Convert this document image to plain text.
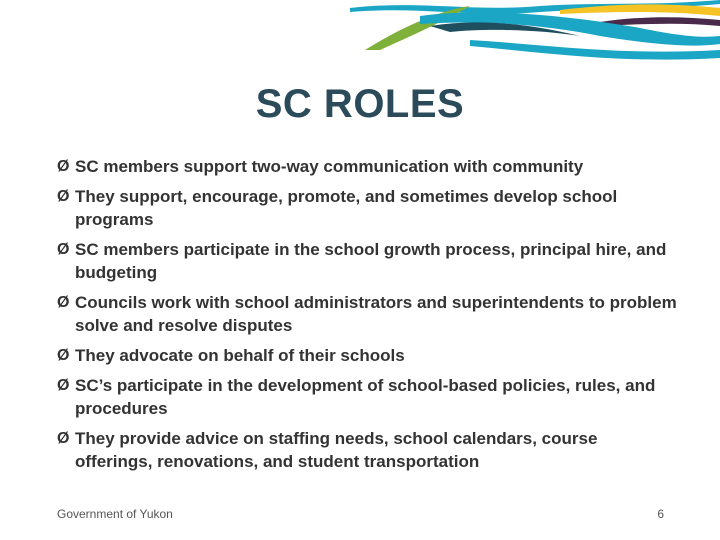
SC ROLES
Ø SC members support two-way communication with community
Ø They support, encourage, promote, and sometimes develop school programs
Ø SC members participate in the school growth process, principal hire, and budgeting
Ø Councils work with school administrators and superintendents to problem solve and resolve disputes
Ø They advocate on behalf of their schools
Ø SC’s participate in the development of school-based policies, rules, and procedures
Ø They provide advice on staffing needs, school calendars, course offerings, renovations, and student transportation
Government of Yukon	6
